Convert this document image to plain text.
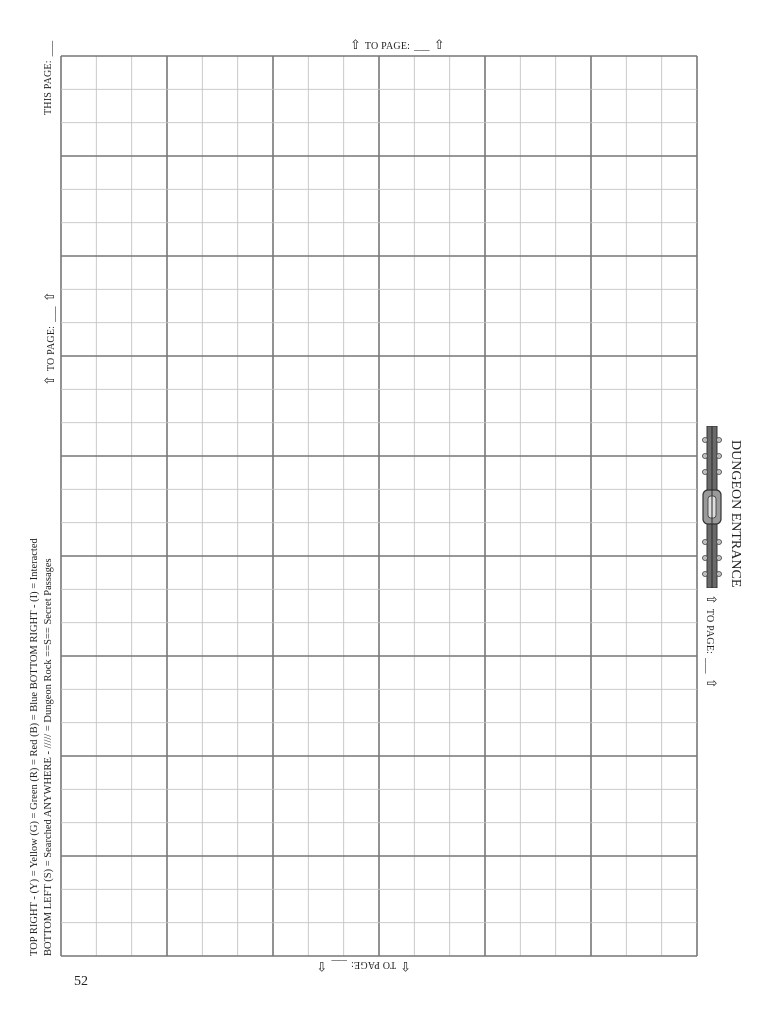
⇧ TO PAGE: ___ ⇧
THIS PAGE: ___
⇧ TO PAGE: ___ ⇧
TOP RIGHT - (Y) = Yellow (G) = Green (R) = Red (B) = Blue BOTTOM RIGHT - (I) = Interacted BOTTOM LEFT (S) = Searched ANYWHERE - ///// = Dungeon Rock ==S== Secret Passages	⇧ TO PAGE: ___ ⇧
DUNGEON ENTRANCE
⇧ TO PAGE: ___ ⇧
52
